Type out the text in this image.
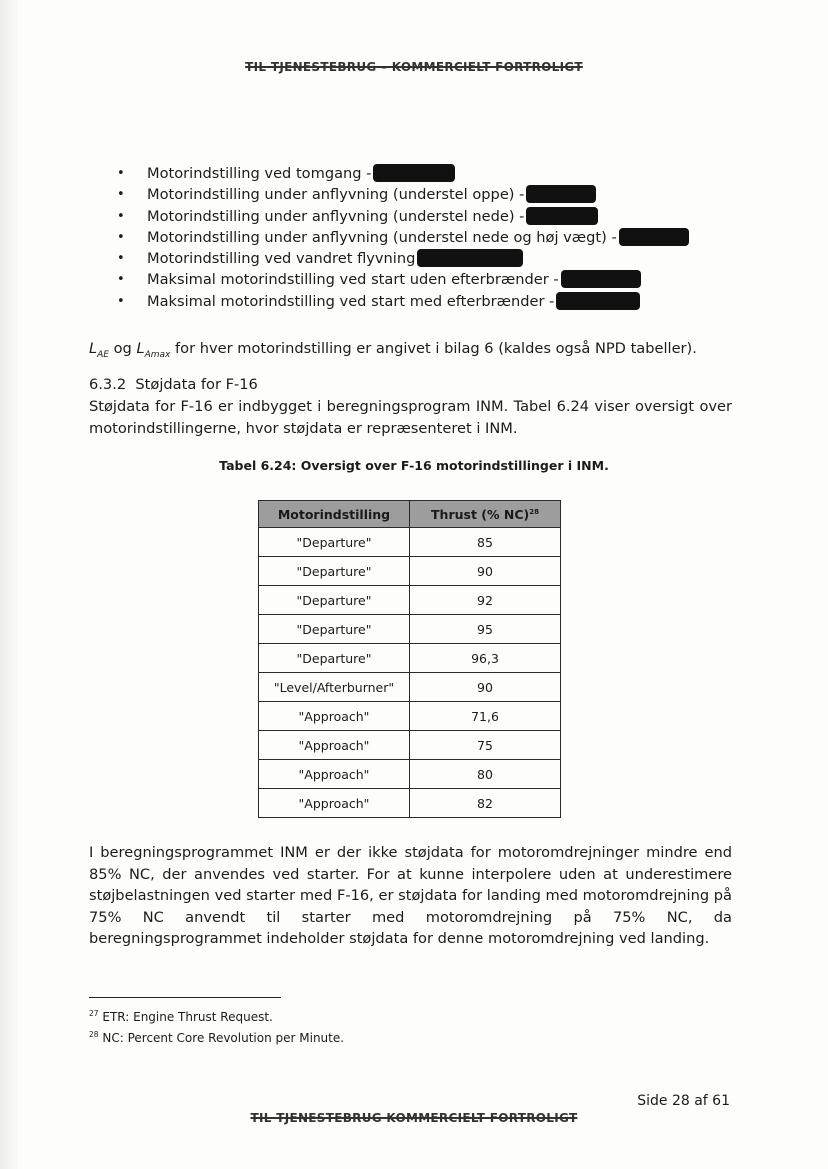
TIL TJENESTEBRUG – KOMMERCIELT FORTROLIGT
• Motorindstilling ved tomgang -
• Motorindstilling under anflyvning (understel oppe) -
• Motorindstilling under anflyvning (understel nede) -
• Motorindstilling under anflyvning (understel nede og høj vægt) -
• Motorindstilling ved vandret flyvning
• Maksimal motorindstilling ved start uden efterbrænder -
• Maksimal motorindstilling ved start med efterbrænder -
$L_{AE}$ og $L_{Amax}$ for hver motorindstilling er angivet i bilag 6 (kaldes også NPD tabeller).
6.3.2 Støjdata for F-16
Støjdata for F-16 er indbygget i beregningsprogram INM. Tabel 6.24 viser oversigt over motorindstillingerne, hvor støjdata er repræsenteret i INM.
Tabel 6.24: Oversigt over F-16 motorindstillinger i INM.
Motorindstilling	Thrust (% NC)$^{28}$
"Departure"	85
"Departure"	90
"Departure"	92
"Departure"	95
"Departure"	96,3
"Level/Afterburner"	90
"Approach"	71,6
"Approach"	75
"Approach"	80
"Approach"	82
I beregningsprogrammet INM er der ikke støjdata for motoromdrejninger mindre end 85% NC, der anvendes ved starter. For at kunne interpolere uden at underestimere støjbelastningen ved starter med F-16, er støjdata for landing med motoromdrejning på 75% NC anvendt til starter med motoromdrejning på 75% NC, da beregningsprogrammet indeholder støjdata for denne motoromdrejning ved landing.
$^{27}$ ETR: Engine Thrust Request.
$^{28}$ NC: Percent Core Revolution per Minute.
Side 28 af 61
TIL TJENESTEBRUG KOMMERCIELT FORTROLIGT
